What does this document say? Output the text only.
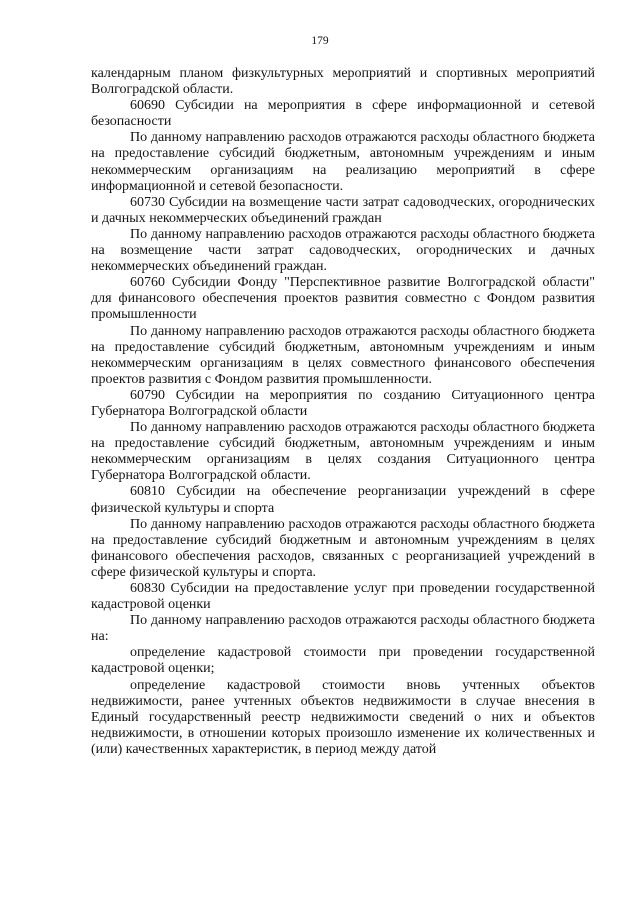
179

календарным планом физкультурных мероприятий и спортивных мероприятий Волгоградской области.

60690 Субсидии на мероприятия в сфере информационной и сетевой безопасности

По данному направлению расходов отражаются расходы областного бюджета на предоставление субсидий бюджетным, автономным учреждениям и иным некоммерческим организациям на реализацию мероприятий в сфере информационной и сетевой безопасности.

60730 Субсидии на возмещение части затрат садоводческих, огороднических и дачных некоммерческих объединений граждан

По данному направлению расходов отражаются расходы областного бюджета на возмещение части затрат садоводческих, огороднических и дачных некоммерческих объединений граждан.

60760 Субсидии Фонду "Перспективное развитие Волгоградской области" для финансового обеспечения проектов развития совместно с Фондом развития промышленности

По данному направлению расходов отражаются расходы областного бюджета на предоставление субсидий бюджетным, автономным учреждениям и иным некоммерческим организациям в целях совместного финансового обеспечения проектов развития с Фондом развития промышленности.

60790 Субсидии на мероприятия по созданию Ситуационного центра Губернатора Волгоградской области

По данному направлению расходов отражаются расходы областного бюджета на предоставление субсидий бюджетным, автономным учреждениям и иным некоммерческим организациям в целях создания Ситуационного центра Губернатора Волгоградской области.

60810 Субсидии на обеспечение реорганизации учреждений в сфере физической культуры и спорта

По данному направлению расходов отражаются расходы областного бюджета на предоставление субсидий бюджетным и автономным учреждениям в целях финансового обеспечения расходов, связанных с реорганизацией учреждений в сфере физической культуры и спорта.

60830 Субсидии на предоставление услуг при проведении государственной кадастровой оценки

По данному направлению расходов отражаются расходы областного бюджета на:

определение кадастровой стоимости при проведении государственной кадастровой оценки;

определение кадастровой стоимости вновь учтенных объектов недвижимости, ранее учтенных объектов недвижимости в случае внесения в Единый государственный реестр недвижимости сведений о них и объектов недвижимости, в отношении которых произошло изменение их количественных и (или) качественных характеристик, в период между датой
